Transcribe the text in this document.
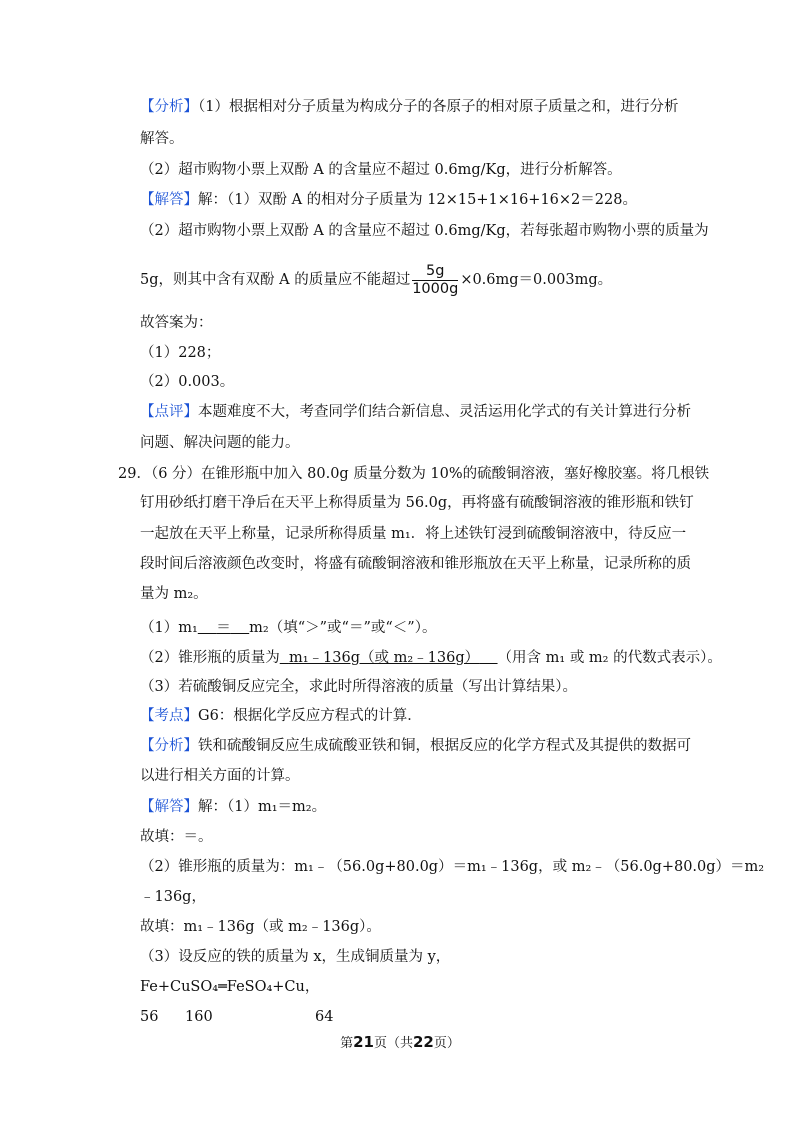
【分析】（1）根据相对分子质量为构成分子的各原子的相对原子质量之和，进行分析
解答。
（2）超市购物小票上双酚 A 的含量应不超过 0.6mg/Kg，进行分析解答。
【解答】解：（1）双酚 A 的相对分子质量为 12×15+1×16+16×2＝228。
（2）超市购物小票上双酚 A 的含量应不超过 0.6mg/Kg，若每张超市购物小票的质量为
5g，则其中含有双酚 A 的质量应不能超过 $\frac{5g}{1000g} \times 0.6mg=0.003mg$。
故答案为：
（1）228；
（2）0.003。
【点评】本题难度不大，考查同学们结合新信息、灵活运用化学式的有关计算进行分析
问题、解决问题的能力。
29．（6 分）在锥形瓶中加入 80.0g 质量分数为 10%的硫酸铜溶液，塞好橡胶塞。将几根铁
钉用砂纸打磨干净后在天平上称得质量为 56.0g，再将盛有硫酸铜溶液的锥形瓶和铁钉
一起放在天平上称量，记录所称得质量 m₁．将上述铁钉浸到硫酸铜溶液中，待反应一
段时间后溶液颜色改变时，将盛有硫酸铜溶液和锥形瓶放在天平上称量，记录所称的质
量为 m₂。
（1）m₁ ＝ m₂（填“＞”或“＝”或“＜”）。
（2）锥形瓶的质量为 m₁﹣136g（或 m₂﹣136g） （用含 m₁ 或 m₂ 的代数式表示）。
（3）若硫酸铜反应完全，求此时所得溶液的质量（写出计算结果）。
【考点】G6：根据化学反应方程式的计算．
【分析】铁和硫酸铜反应生成硫酸亚铁和铜，根据反应的化学方程式及其提供的数据可
以进行相关方面的计算。
【解答】解：（1）m₁＝m₂。
故填：＝。
（2）锥形瓶的质量为：m₁﹣（56.0g+80.0g）＝m₁﹣136g，或 m₂﹣（56.0g+80.0g）＝m₂
﹣136g，
故填：m₁﹣136g（或 m₂﹣136g）。
（3）设反应的铁的质量为 x，生成铜质量为 y，
Fe+CuSO₄═FeSO₄+Cu，
56 160	64
第21页（共22页）
